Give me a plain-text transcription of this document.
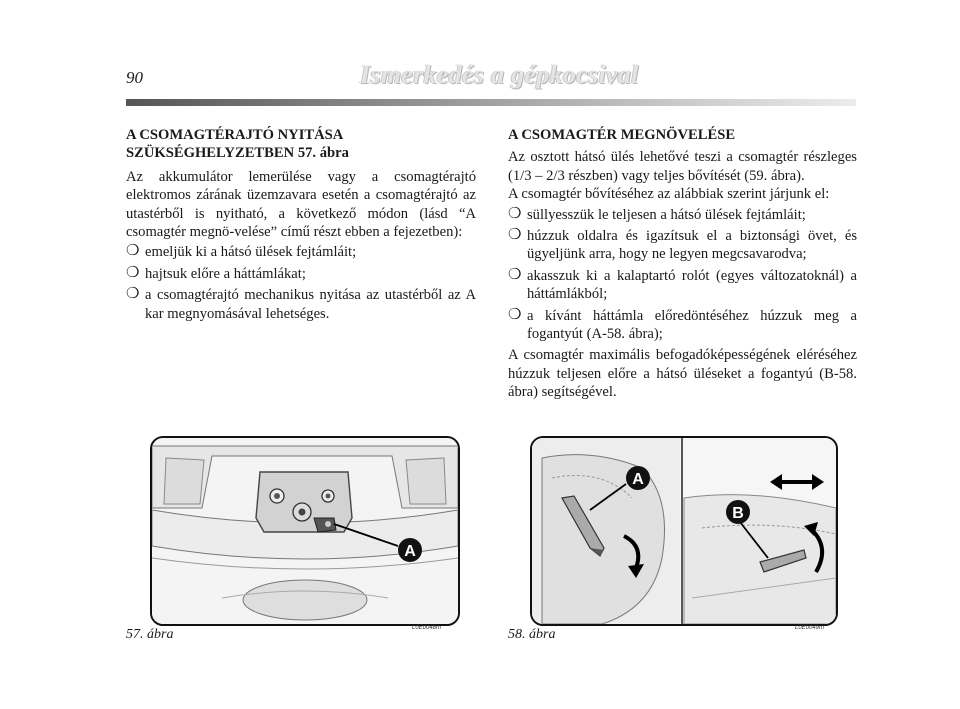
90	Ismerkedés a gépkocsival
A CSOMAGTÉRAJTÓ NYITÁSA
SZÜKSÉGHELYZETBEN 57. ábra

Az akkumulátor lemerülése vagy a csomagtérajtó elektromos zárának üzemzavara esetén a csomagtérajtó az utastérből is nyitható, a következő módon (lásd “A csomagtér megnö-velése” című részt ebben a fejezetben):

❍ emeljük ki a hátsó ülések fejtámláit;
❍ hajtsuk előre a háttámlákat;
❍ a csomagtérajtó mechanikus nyitása az utastérből az A kar megnyomásával lehetséges.
A CSOMAGTÉR MEGNÖVELÉSE

Az osztott hátsó ülés lehetővé teszi a csomagtér részleges (1/3 – 2/3 részben) vagy teljes bővítését (59. ábra).

A csomagtér bővítéséhez az alábbiak szerint járjunk el:

❍ süllyesszük le teljesen a hátsó ülések fejtámláit;
❍ húzzuk oldalra és igazítsuk el a biztonsági övet, és ügyeljünk arra, hogy ne legyen megcsavarodva;
❍ akasszuk ki a kalaptartó rolót (egyes változatoknál) a háttámlákból;
❍ a kívánt háttámla előredöntéséhez húzzuk meg a fogantyút (A-58. ábra);

A csomagtér maximális befogadóképességének eléréséhez húzzuk teljesen előre a hátsó üléseket a fogantyú (B-58. ábra) segítségével.

A
57. ábra	L0E0048m
A
B
58. ábra	L0E0049m
